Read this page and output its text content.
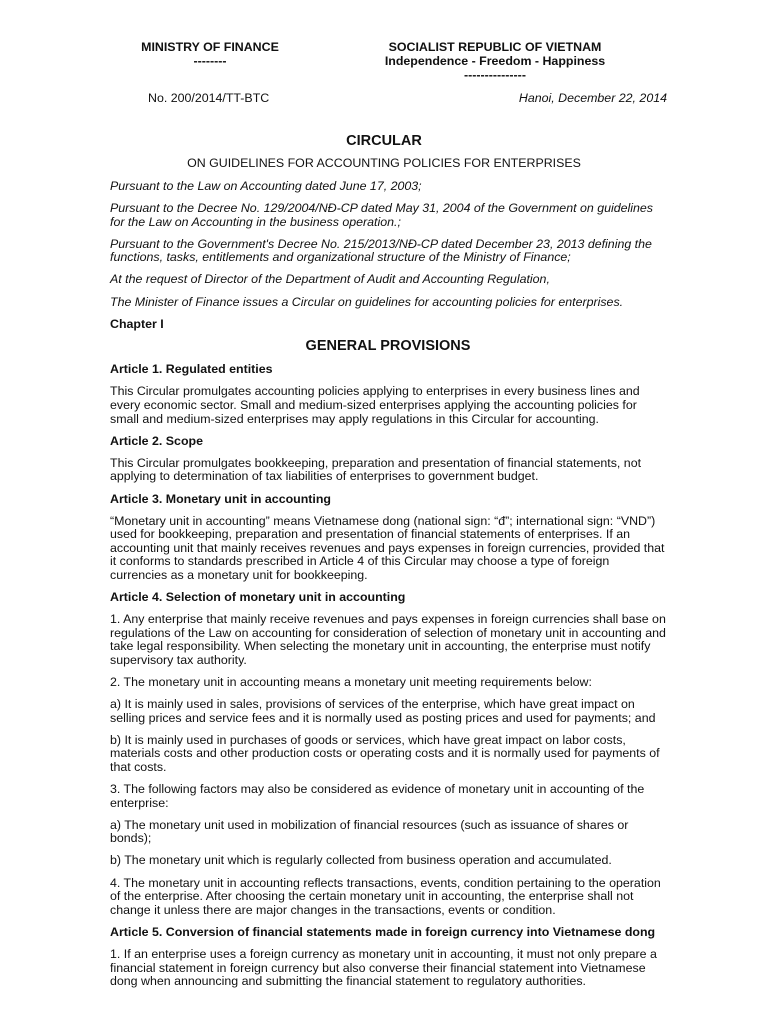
MINISTRY OF FINANCE
--------
SOCIALIST REPUBLIC OF VIETNAM
Independence - Freedom - Happiness
---------------
No. 200/2014/TT-BTC	Hanoi, December 22, 2014
CIRCULAR
ON GUIDELINES FOR ACCOUNTING POLICIES FOR ENTERPRISES

Pursuant to the Law on Accounting dated June 17, 2003;

Pursuant to the Decree No. 129/2004/NĐ-CP dated May 31, 2004 of the Government on guidelines for the Law on Accounting in the business operation.;

Pursuant to the Government's Decree No. 215/2013/NĐ-CP dated December 23, 2013 defining the functions, tasks, entitlements and organizational structure of the Ministry of Finance;

At the request of Director of the Department of Audit and Accounting Regulation,

The Minister of Finance issues a Circular on guidelines for accounting policies for enterprises.

Chapter I

GENERAL PROVISIONS

Article 1. Regulated entities

This Circular promulgates accounting policies applying to enterprises in every business lines and every economic sector. Small and medium-sized enterprises applying the accounting policies for small and medium-sized enterprises may apply regulations in this Circular for accounting.

Article 2. Scope

This Circular promulgates bookkeeping, preparation and presentation of financial statements, not applying to determination of tax liabilities of enterprises to government budget.

Article 3. Monetary unit in accounting

“Monetary unit in accounting” means Vietnamese dong (national sign: “đ”; international sign: “VND”) used for bookkeeping, preparation and presentation of financial statements of enterprises. If an accounting unit that mainly receives revenues and pays expenses in foreign currencies, provided that it conforms to standards prescribed in Article 4 of this Circular may choose a type of foreign currencies as a monetary unit for bookkeeping.

Article 4. Selection of monetary unit in accounting

1. Any enterprise that mainly receive revenues and pays expenses in foreign currencies shall base on regulations of the Law on accounting for consideration of selection of monetary unit in accounting and take legal responsibility. When selecting the monetary unit in accounting, the enterprise must notify supervisory tax authority.

2. The monetary unit in accounting means a monetary unit meeting requirements below:

a) It is mainly used in sales, provisions of services of the enterprise, which have great impact on selling prices and service fees and it is normally used as posting prices and used for payments; and

b) It is mainly used in purchases of goods or services, which have great impact on labor costs, materials costs and other production costs or operating costs and it is normally used for payments of that costs.

3. The following factors may also be considered as evidence of monetary unit in accounting of the enterprise:

a) The monetary unit used in mobilization of financial resources (such as issuance of shares or bonds);

b) The monetary unit which is regularly collected from business operation and accumulated.

4. The monetary unit in accounting reflects transactions, events, condition pertaining to the operation of the enterprise. After choosing the certain monetary unit in accounting, the enterprise shall not change it unless there are major changes in the transactions, events or condition.

Article 5. Conversion of financial statements made in foreign currency into Vietnamese dong

1. If an enterprise uses a foreign currency as monetary unit in accounting, it must not only prepare a financial statement in foreign currency but also converse their financial statement into Vietnamese dong when announcing and submitting the financial statement to regulatory authorities.
